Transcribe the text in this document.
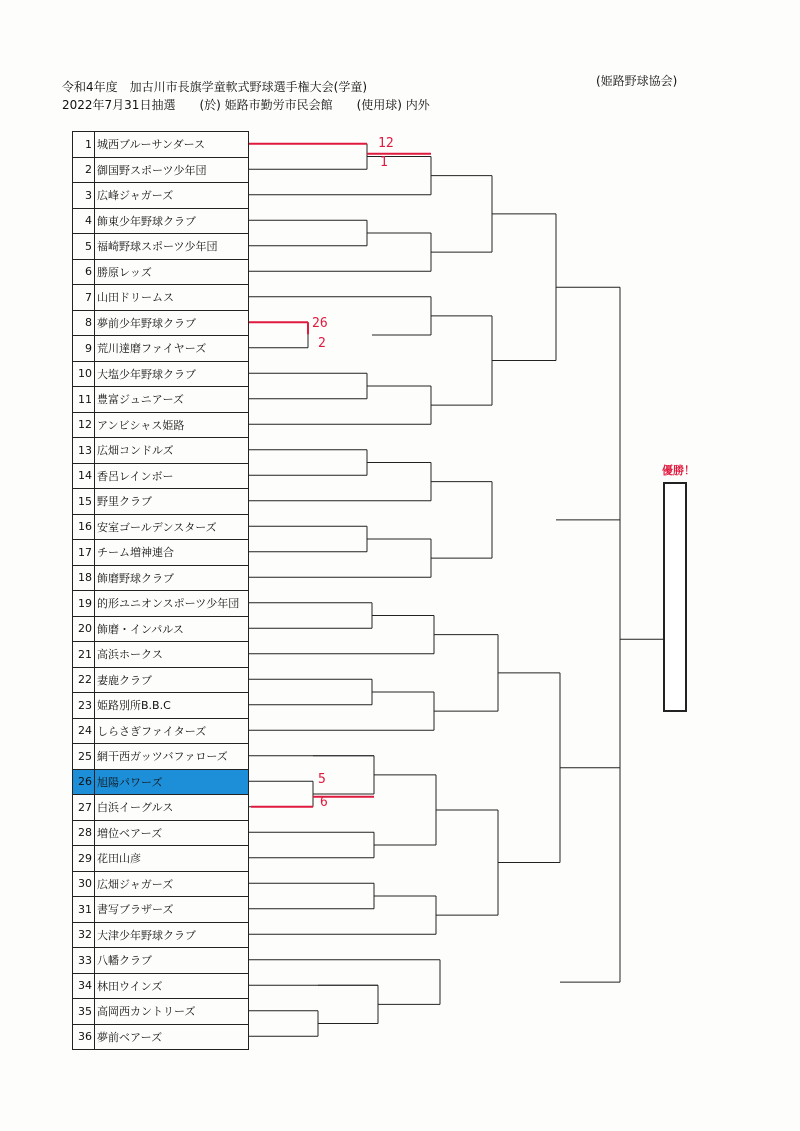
令和4年度　加古川市長旗学童軟式野球選手権大会(学童)
2022年7月31日抽選　　(於) 姫路市勤労市民会館　　(使用球) 内外
(姫路野球協会)
1	城西ブルーサンダース
2	御国野スポーツ少年団
3	広峰ジャガーズ
4	飾東少年野球クラブ
5	福崎野球スポーツ少年団
6	勝原レッズ
7	山田ドリームス
8	夢前少年野球クラブ
9	荒川達磨ファイヤーズ
10	大塩少年野球クラブ
11	豊富ジュニアーズ
12	アンビシャス姫路
13	広畑コンドルズ
14	香呂レインボー
15	野里クラブ
16	安室ゴールデンスターズ
17	チーム増神連合
18	飾磨野球クラブ
19	的形ユニオンスポーツ少年団
20	飾磨・インパルス
21	高浜ホークス
22	妻鹿クラブ
23	姫路別所B.B.C
24	しらさぎファイターズ
25	網干西ガッツバファローズ
26	旭陽パワーズ
27	白浜イーグルス
28	増位ベアーズ
29	花田山彦
30	広畑ジャガーズ
31	書写ブラザーズ
32	大津少年野球クラブ
33	八幡クラブ
34	林田ウインズ
35	高岡西カントリーズ
36	夢前ベアーズ
優勝！
12
1
26
2
5
6
